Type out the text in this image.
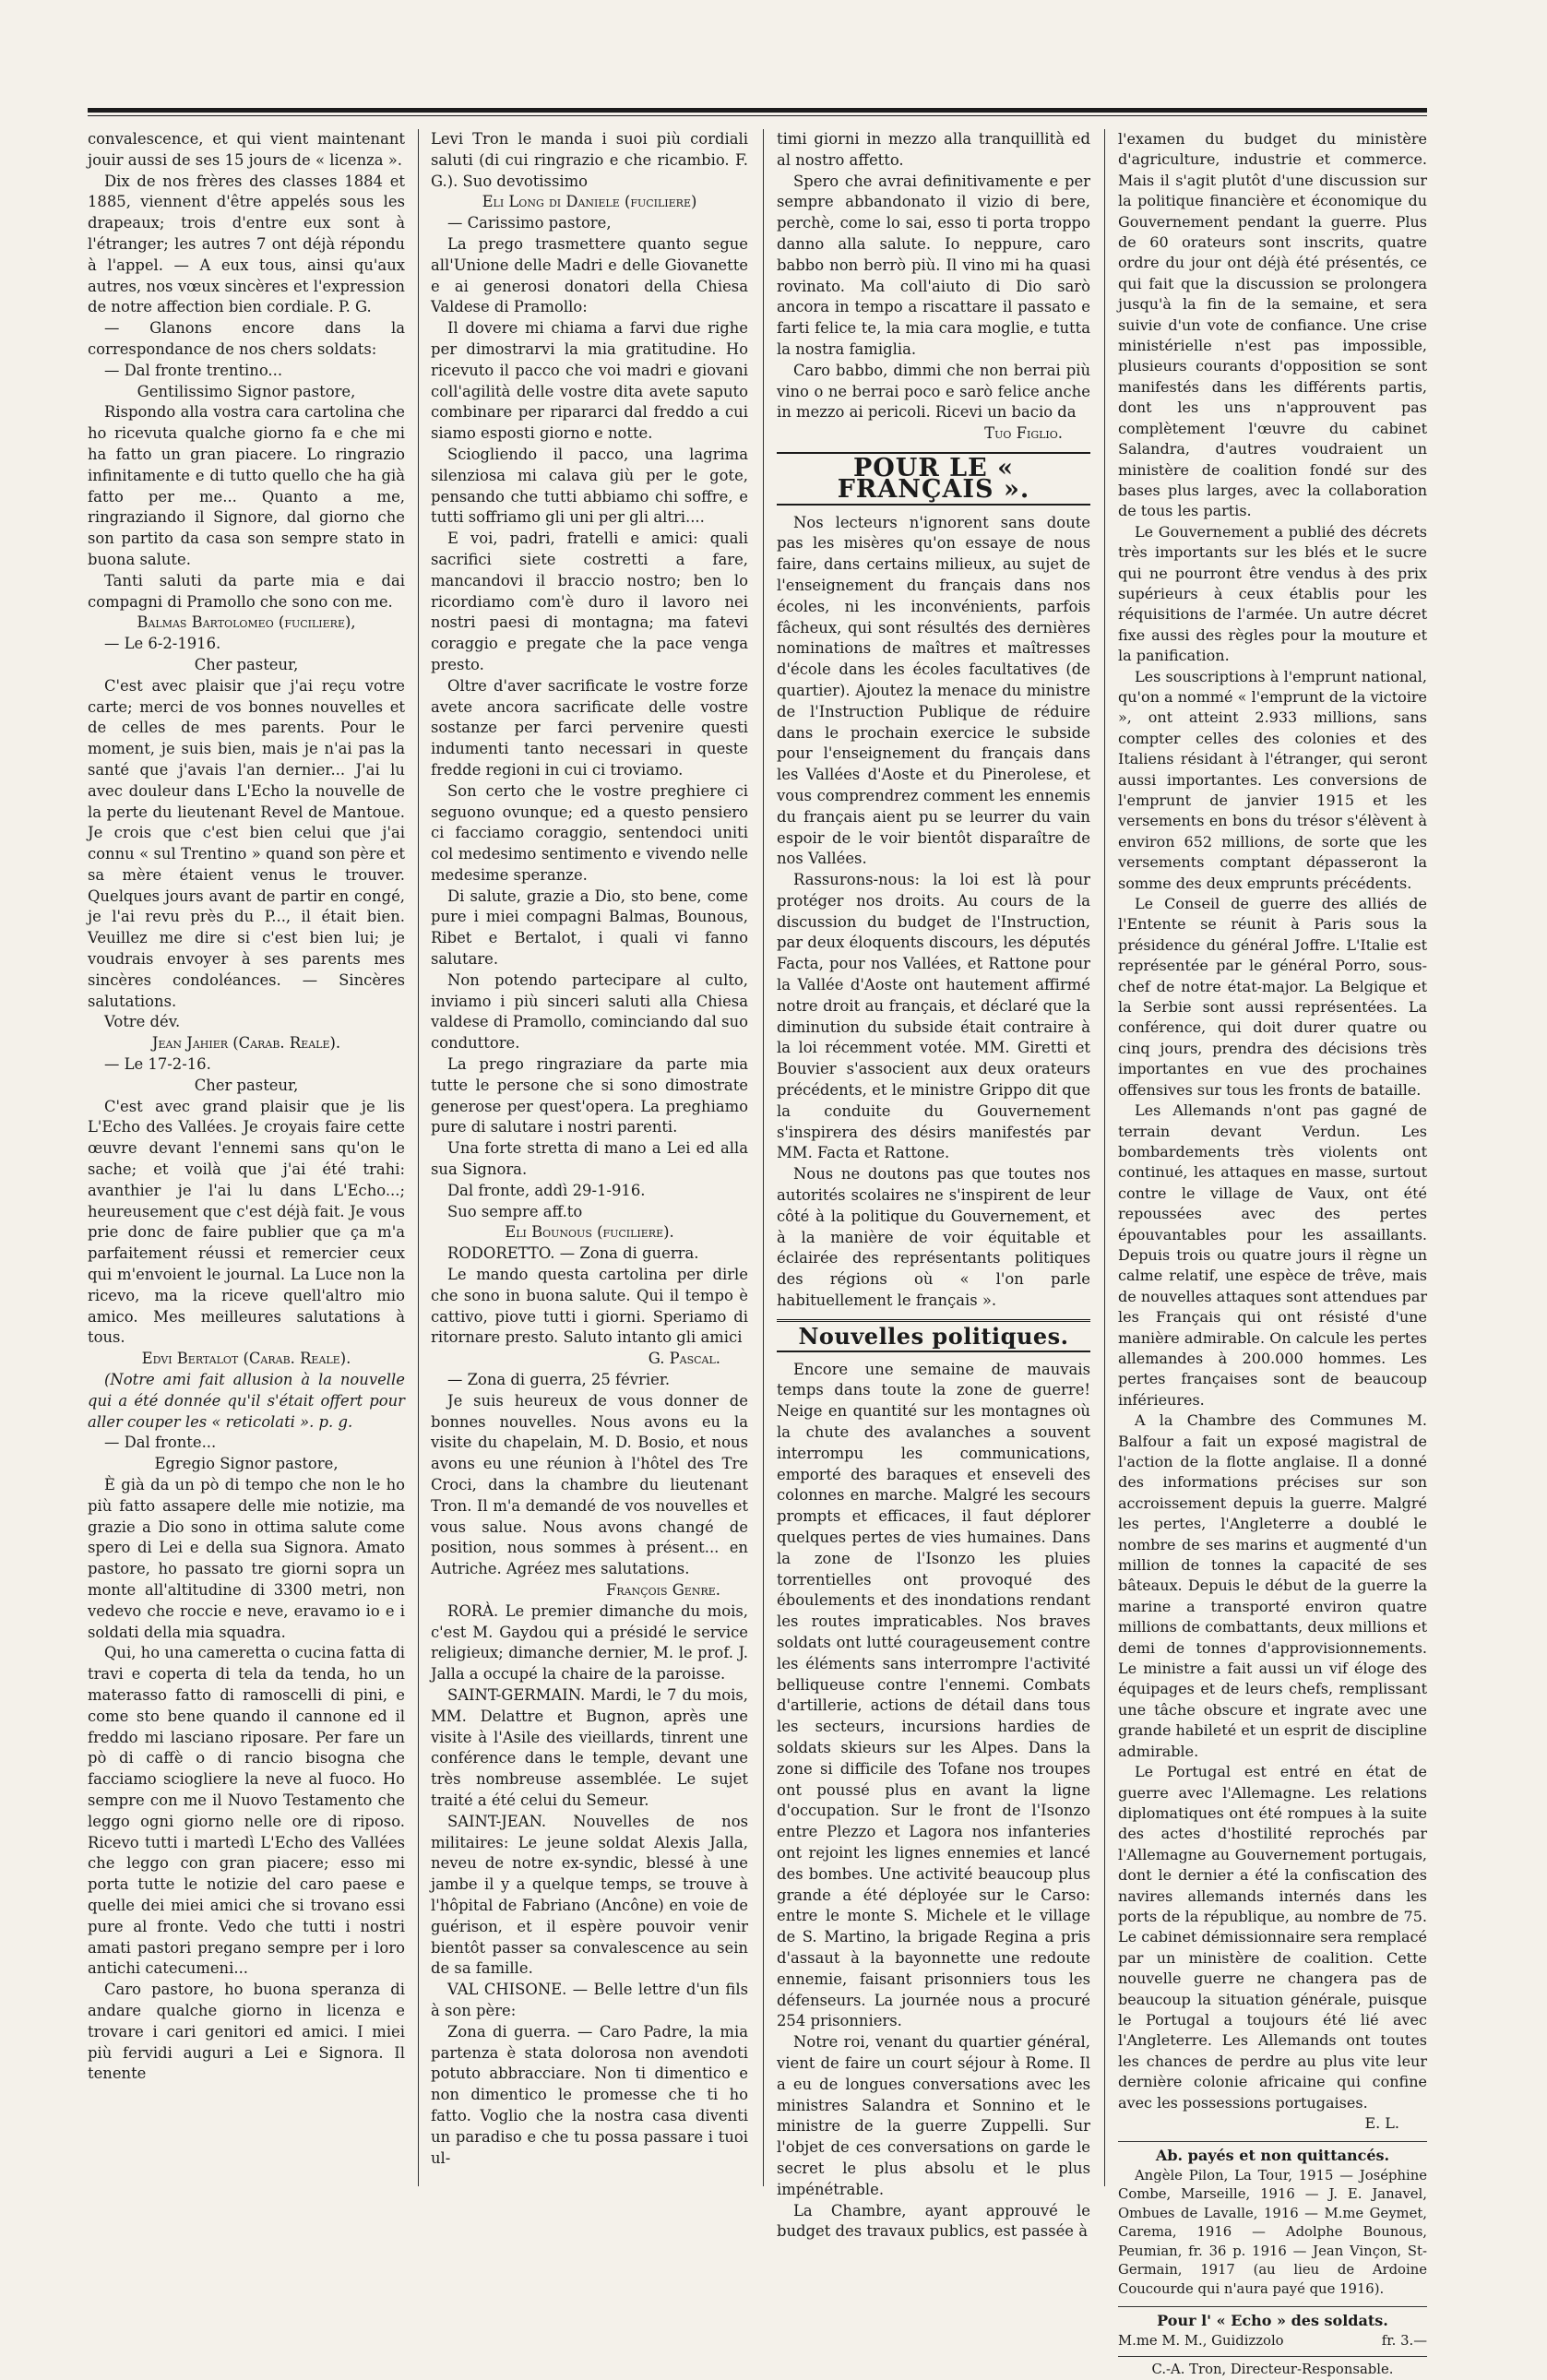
convalescence, et qui vient maintenant jouir aussi de ses 15 jours de « licenza ».

Dix de nos frères des classes 1884 et 1885, viennent d'être appelés sous les drapeaux; trois d'entre eux sont à l'étranger; les autres 7 ont déjà répondu à l'appel. — A eux tous, ainsi qu'aux autres, nos vœux sincères et l'expression de notre affection bien cordiale. P. G.

— Glanons encore dans la correspondance de nos chers soldats:

— Dal fronte trentino...

Gentilissimo Signor pastore,

Rispondo alla vostra cara cartolina che ho ricevuta qualche giorno fa e che mi ha fatto un gran piacere. Lo ringrazio infinitamente e di tutto quello che ha già fatto per me... Quanto a me, ringraziando il Signore, dal giorno che son partito da casa son sempre stato in buona salute.

Tanti saluti da parte mia e dai compagni di Pramollo che sono con me.

Balmas Bartolomeo (fuciliere),

— Le 6-2-1916.

Cher pasteur,

C'est avec plaisir que j'ai reçu votre carte; merci de vos bonnes nouvelles et de celles de mes parents. Pour le moment, je suis bien, mais je n'ai pas la santé que j'avais l'an dernier... J'ai lu avec douleur dans L'Echo la nouvelle de la perte du lieutenant Revel de Mantoue. Je crois que c'est bien celui que j'ai connu « sul Trentino » quand son père et sa mère étaient venus le trouver. Quelques jours avant de partir en congé, je l'ai revu près du P..., il était bien. Veuillez me dire si c'est bien lui; je voudrais envoyer à ses parents mes sincères condoléances. — Sincères salutations.

Votre dév.

Jean Jahier (Carab. Reale).

— Le 17-2-16.

Cher pasteur,

C'est avec grand plaisir que je lis L'Echo des Vallées. Je croyais faire cette œuvre devant l'ennemi sans qu'on le sache; et voilà que j'ai été trahi: avanthier je l'ai lu dans L'Echo...; heureusement que c'est déjà fait. Je vous prie donc de faire publier que ça m'a parfaitement réussi et remercier ceux qui m'envoient le journal. La Luce non la ricevo, ma la riceve quell'altro mio amico. Mes meilleures salutations à tous.

Edvi Bertalot (Carab. Reale).

(Notre ami fait allusion à la nouvelle qui a été donnée qu'il s'était offert pour aller couper les « reticolati ». p. g.

— Dal fronte...

Egregio Signor pastore,

È già da un pò di tempo che non le ho più fatto assapere delle mie notizie, ma grazie a Dio sono in ottima salute come spero di Lei e della sua Signora. Amato pastore, ho passato tre giorni sopra un monte all'altitudine di 3300 metri, non vedevo che roccie e neve, eravamo io e i soldati della mia squadra.

Qui, ho una cameretta o cucina fatta di travi e coperta di tela da tenda, ho un materasso fatto di ramoscelli di pini, e come sto bene quando il cannone ed il freddo mi lasciano riposare. Per fare un pò di caffè o di rancio bisogna che facciamo sciogliere la neve al fuoco. Ho sempre con me il Nuovo Testamento che leggo ogni giorno nelle ore di riposo. Ricevo tutti i martedì L'Echo des Vallées che leggo con gran piacere; esso mi porta tutte le notizie del caro paese e quelle dei miei amici che si trovano essi pure al fronte. Vedo che tutti i nostri amati pastori pregano sempre per i loro antichi catecumeni...

Caro pastore, ho buona speranza di andare qualche giorno in licenza e trovare i cari genitori ed amici. I miei più fervidi auguri a Lei e Signora. Il tenente

Levi Tron le manda i suoi più cordiali saluti (di cui ringrazio e che ricambio. F. G.). Suo devotissimo

Eli Long di Daniele (fuciliere)

— Carissimo pastore,

La prego trasmettere quanto segue all'Unione delle Madri e delle Giovanette e ai generosi donatori della Chiesa Valdese di Pramollo:

Il dovere mi chiama a farvi due righe per dimostrarvi la mia gratitudine. Ho ricevuto il pacco che voi madri e giovani coll'agilità delle vostre dita avete saputo combinare per ripararci dal freddo a cui siamo esposti giorno e notte.

Sciogliendo il pacco, una lagrima silenziosa mi calava giù per le gote, pensando che tutti abbiamo chi soffre, e tutti soffriamo gli uni per gli altri....

E voi, padri, fratelli e amici: quali sacrifici siete costretti a fare, mancandovi il braccio nostro; ben lo ricordiamo com'è duro il lavoro nei nostri paesi di montagna; ma fatevi coraggio e pregate che la pace venga presto.

Oltre d'aver sacrificate le vostre forze avete ancora sacrificate delle vostre sostanze per farci pervenire questi indumenti tanto necessari in queste fredde regioni in cui ci troviamo.

Son certo che le vostre preghiere ci seguono ovunque; ed a questo pensiero ci facciamo coraggio, sentendoci uniti col medesimo sentimento e vivendo nelle medesime speranze.

Di salute, grazie a Dio, sto bene, come pure i miei compagni Balmas, Bounous, Ribet e Bertalot, i quali vi fanno salutare.

Non potendo partecipare al culto, inviamo i più sinceri saluti alla Chiesa valdese di Pramollo, cominciando dal suo conduttore.

La prego ringraziare da parte mia tutte le persone che si sono dimostrate generose per quest'opera. La preghiamo pure di salutare i nostri parenti.

Una forte stretta di mano a Lei ed alla sua Signora.

Dal fronte, addì 29-1-916.

Suo sempre aff.to

Eli Bounous (fuciliere).

RODORETTO. — Zona di guerra.

Le mando questa cartolina per dirle che sono in buona salute. Qui il tempo è cattivo, piove tutti i giorni. Speriamo di ritornare presto. Saluto intanto gli amici

G. Pascal.

— Zona di guerra, 25 février.

Je suis heureux de vous donner de bonnes nouvelles. Nous avons eu la visite du chapelain, M. D. Bosio, et nous avons eu une réunion à l'hôtel des Tre Croci, dans la chambre du lieutenant Tron. Il m'a demandé de vos nouvelles et vous salue. Nous avons changé de position, nous sommes à présent... en Autriche. Agréez mes salutations.

François Genre.

RORÀ. Le premier dimanche du mois, c'est M. Gaydou qui a présidé le service religieux; dimanche dernier, M. le prof. J. Jalla a occupé la chaire de la paroisse.

SAINT-GERMAIN. Mardi, le 7 du mois, MM. Delattre et Bugnon, après une visite à l'Asile des vieillards, tinrent une conférence dans le temple, devant une très nombreuse assemblée. Le sujet traité a été celui du Semeur.

SAINT-JEAN. Nouvelles de nos militaires: Le jeune soldat Alexis Jalla, neveu de notre ex-syndic, blessé à une jambe il y a quelque temps, se trouve à l'hôpital de Fabriano (Ancône) en voie de guérison, et il espère pouvoir venir bientôt passer sa convalescence au sein de sa famille.

VAL CHISONE. — Belle lettre d'un fils à son père:

Zona di guerra. — Caro Padre, la mia partenza è stata dolorosa non avendoti potuto abbracciare. Non ti dimentico e non dimentico le promesse che ti ho fatto. Voglio che la nostra casa diventi un paradiso e che tu possa passare i tuoi ul-

timi giorni in mezzo alla tranquillità ed al nostro affetto.

Spero che avrai definitivamente e per sempre abbandonato il vizio di bere, perchè, come lo sai, esso ti porta troppo danno alla salute. Io neppure, caro babbo non berrò più. Il vino mi ha quasi rovinato. Ma coll'aiuto di Dio sarò ancora in tempo a riscattare il passato e farti felice te, la mia cara moglie, e tutta la nostra famiglia.

Caro babbo, dimmi che non berrai più vino o ne berrai poco e sarò felice anche in mezzo ai pericoli. Ricevi un bacio da

Tuo Figlio.

POUR LE « FRANÇAIS ».

Nos lecteurs n'ignorent sans doute pas les misères qu'on essaye de nous faire, dans certains milieux, au sujet de l'enseignement du français dans nos écoles, ni les inconvénients, parfois fâcheux, qui sont résultés des dernières nominations de maîtres et maîtresses d'école dans les écoles facultatives (de quartier). Ajoutez la menace du ministre de l'Instruction Publique de réduire dans le prochain exercice le subside pour l'enseignement du français dans les Vallées d'Aoste et du Pinerolese, et vous comprendrez comment les ennemis du français aient pu se leurrer du vain espoir de le voir bientôt disparaître de nos Vallées.

Rassurons-nous: la loi est là pour protéger nos droits. Au cours de la discussion du budget de l'Instruction, par deux éloquents discours, les députés Facta, pour nos Vallées, et Rattone pour la Vallée d'Aoste ont hautement affirmé notre droit au français, et déclaré que la diminution du subside était contraire à la loi récemment votée. MM. Giretti et Bouvier s'associent aux deux orateurs précédents, et le ministre Grippo dit que la conduite du Gouvernement s'inspirera des désirs manifestés par MM. Facta et Rattone.

Nous ne doutons pas que toutes nos autorités scolaires ne s'inspirent de leur côté à la politique du Gouvernement, et à la manière de voir équitable et éclairée des représentants politiques des régions où « l'on parle habituellement le français ».

Nouvelles politiques.

Encore une semaine de mauvais temps dans toute la zone de guerre! Neige en quantité sur les montagnes où la chute des avalanches a souvent interrompu les communications, emporté des baraques et enseveli des colonnes en marche. Malgré les secours prompts et efficaces, il faut déplorer quelques pertes de vies humaines. Dans la zone de l'Isonzo les pluies torrentielles ont provoqué des éboulements et des inondations rendant les routes impraticables. Nos braves soldats ont lutté courageusement contre les éléments sans interrompre l'activité belliqueuse contre l'ennemi. Combats d'artillerie, actions de détail dans tous les secteurs, incursions hardies de soldats skieurs sur les Alpes. Dans la zone si difficile des Tofane nos troupes ont poussé plus en avant la ligne d'occupation. Sur le front de l'Isonzo entre Plezzo et Lagora nos infanteries ont rejoint les lignes ennemies et lancé des bombes. Une activité beaucoup plus grande a été déployée sur le Carso: entre le monte S. Michele et le village de S. Martino, la brigade Regina a pris d'assaut à la bayonnette une redoute ennemie, faisant prisonniers tous les défenseurs. La journée nous a procuré 254 prisonniers.

Notre roi, venant du quartier général, vient de faire un court séjour à Rome. Il a eu de longues conversations avec les ministres Salandra et Sonnino et le ministre de la guerre Zuppelli. Sur l'objet de ces conversations on garde le secret le plus absolu et le plus impénétrable.

La Chambre, ayant approuvé le budget des travaux publics, est passée à

l'examen du budget du ministère d'agriculture, industrie et commerce. Mais il s'agit plutôt d'une discussion sur la politique financière et économique du Gouvernement pendant la guerre. Plus de 60 orateurs sont inscrits, quatre ordre du jour ont déjà été présentés, ce qui fait que la discussion se prolongera jusqu'à la fin de la semaine, et sera suivie d'un vote de confiance. Une crise ministérielle n'est pas impossible, plusieurs courants d'opposition se sont manifestés dans les différents partis, dont les uns n'approuvent pas complètement l'œuvre du cabinet Salandra, d'autres voudraient un ministère de coalition fondé sur des bases plus larges, avec la collaboration de tous les partis.

Le Gouvernement a publié des décrets très importants sur les blés et le sucre qui ne pourront être vendus à des prix supérieurs à ceux établis pour les réquisitions de l'armée. Un autre décret fixe aussi des règles pour la mouture et la panification.

Les souscriptions à l'emprunt national, qu'on a nommé « l'emprunt de la victoire », ont atteint 2.933 millions, sans compter celles des colonies et des Italiens résidant à l'étranger, qui seront aussi importantes. Les conversions de l'emprunt de janvier 1915 et les versements en bons du trésor s'élèvent à environ 652 millions, de sorte que les versements comptant dépasseront la somme des deux emprunts précédents.

Le Conseil de guerre des alliés de l'Entente se réunit à Paris sous la présidence du général Joffre. L'Italie est représentée par le général Porro, sous-chef de notre état-major. La Belgique et la Serbie sont aussi représentées. La conférence, qui doit durer quatre ou cinq jours, prendra des décisions très importantes en vue des prochaines offensives sur tous les fronts de bataille.

Les Allemands n'ont pas gagné de terrain devant Verdun. Les bombardements très violents ont continué, les attaques en masse, surtout contre le village de Vaux, ont été repoussées avec des pertes épouvantables pour les assaillants. Depuis trois ou quatre jours il règne un calme relatif, une espèce de trêve, mais de nouvelles attaques sont attendues par les Français qui ont résisté d'une manière admirable. On calcule les pertes allemandes à 200.000 hommes. Les pertes françaises sont de beaucoup inférieures.

A la Chambre des Communes M. Balfour a fait un exposé magistral de l'action de la flotte anglaise. Il a donné des informations précises sur son accroissement depuis la guerre. Malgré les pertes, l'Angleterre a doublé le nombre de ses marins et augmenté d'un million de tonnes la capacité de ses bâteaux. Depuis le début de la guerre la marine a transporté environ quatre millions de combattants, deux millions et demi de tonnes d'approvisionnements. Le ministre a fait aussi un vif éloge des équipages et de leurs chefs, remplissant une tâche obscure et ingrate avec une grande habileté et un esprit de discipline admirable.

Le Portugal est entré en état de guerre avec l'Allemagne. Les relations diplomatiques ont été rompues à la suite des actes d'hostilité reprochés par l'Allemagne au Gouvernement portugais, dont le dernier a été la confiscation des navires allemands internés dans les ports de la république, au nombre de 75. Le cabinet démissionnaire sera remplacé par un ministère de coalition. Cette nouvelle guerre ne changera pas de beaucoup la situation générale, puisque le Portugal a toujours été lié avec l'Angleterre. Les Allemands ont toutes les chances de perdre au plus vite leur dernière colonie africaine qui confine avec les possessions portugaises.

E. L.

Ab. payés et non quittancés.

Angèle Pilon, La Tour, 1915 — Joséphine Combe, Marseille, 1916 — J. E. Janavel, Ombues de Lavalle, 1916 — M.me Geymet, Carema, 1916 — Adolphe Bounous, Peumian, fr. 36 p. 1916 — Jean Vinçon, St-Germain, 1917 (au lieu de Ardoine Coucourde qui n'aura payé que 1916).

Pour l' « Echo » des soldats.
M.me M. M., Guidizzolo	fr. 3.—
C.-A. Tron, Directeur-Responsable.
